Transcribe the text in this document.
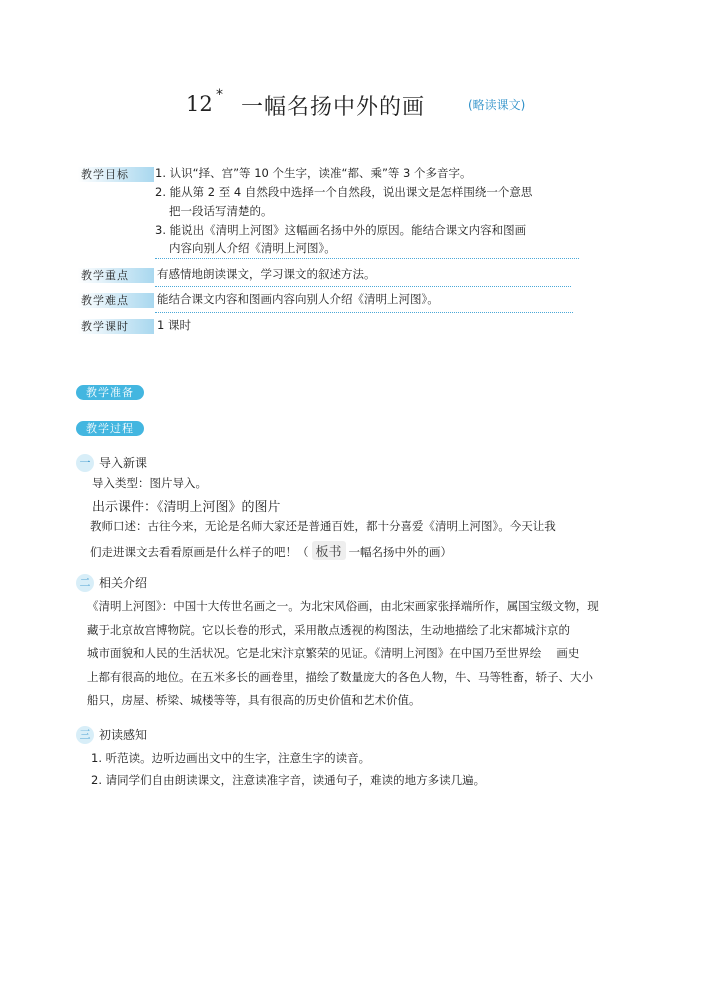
12 * 一幅名扬中外的画	(略读课文)
教学目标	1. 认识“择、宫”等 10 个生字，读准“都、乘”等 3 个多音字。
2. 能从第 2 至 4 自然段中选择一个自然段，说出课文是怎样围绕一个意思
把一段话写清楚的。
3. 能说出《清明上河图》这幅画名扬中外的原因。能结合课文内容和图画
内容向别人介绍《清明上河图》。
教学重点	有感情地朗读课文，学习课文的叙述方法。
教学难点	能结合课文内容和图画内容向别人介绍《清明上河图》。
教学课时	1 课时
教学准备
教学过程
一 导入新课
导入类型：图片导入。
出示课件：《清明上河图》的图片
教师口述：古往今来，无论是名师大家还是普通百姓，都十分喜爱《清明上河图》。今天让我
们走进课文去看看原画是什么样子的吧！（ 板书 一幅名扬中外的画）
二 相关介绍
《清明上河图》：中国十大传世名画之一。为北宋风俗画，由北宋画家张择端所作，属国宝级文物，现
藏于北京故宫博物院。它以长卷的形式，采用散点透视的构图法，生动地描绘了北宋都城汴京的
城市面貌和人民的生活状况。它是北宋汴京繁荣的见证。《清明上河图》在中国乃至世界绘　 画史
上都有很高的地位。在五米多长的画卷里，描绘了数量庞大的各色人物，牛、马等牲畜，轿子、大小
船只，房屋、桥梁、城楼等等，具有很高的历史价值和艺术价值。
三 初读感知
1. 听范读。边听边画出文中的生字，注意生字的读音。
2. 请同学们自由朗读课文，注意读准字音，读通句子，难读的地方多读几遍。
